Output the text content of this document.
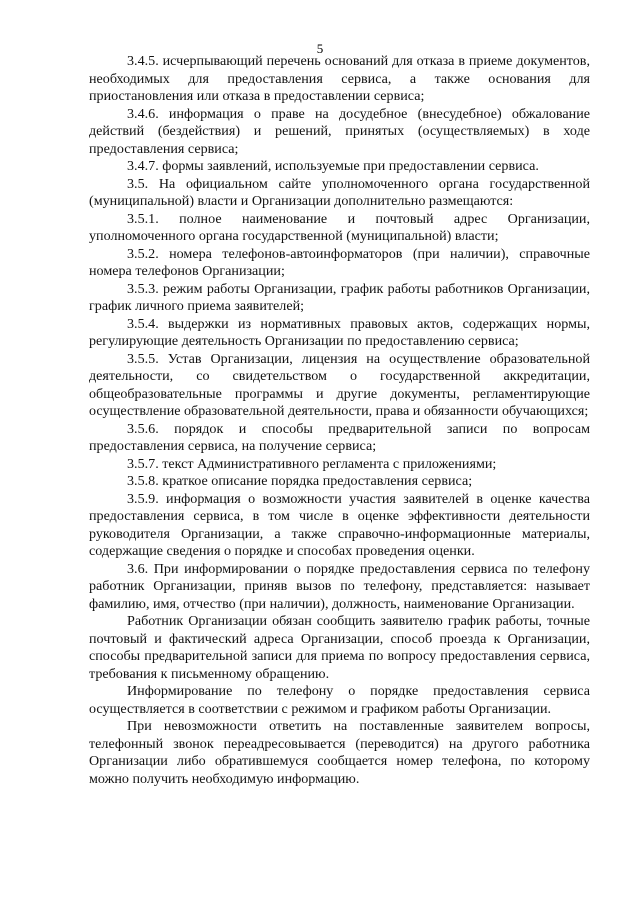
5

3.4.5. исчерпывающий перечень оснований для отказа в приеме документов, необходимых для предоставления сервиса, а также основания для приостановления или отказа в предоставлении сервиса;

3.4.6. информация о праве на досудебное (внесудебное) обжалование действий (бездействия) и решений, принятых (осуществляемых) в ходе предоставления сервиса;

3.4.7. формы заявлений, используемые при предоставлении сервиса.

3.5. На официальном сайте уполномоченного органа государственной (муниципальной) власти и Организации дополнительно размещаются:

3.5.1. полное наименование и почтовый адрес Организации, уполномоченного органа государственной (муниципальной) власти;

3.5.2. номера телефонов-автоинформаторов (при наличии), справочные номера телефонов Организации;

3.5.3. режим работы Организации, график работы работников Организации, график личного приема заявителей;

3.5.4. выдержки из нормативных правовых актов, содержащих нормы, регулирующие деятельность Организации по предоставлению сервиса;

3.5.5. Устав Организации, лицензия на осуществление образовательной деятельности, со свидетельством о государственной аккредитации, общеобразовательные программы и другие документы, регламентирующие осуществление образовательной деятельности, права и обязанности обучающихся;

3.5.6. порядок и способы предварительной записи по вопросам предоставления сервиса, на получение сервиса;

3.5.7. текст Административного регламента с приложениями;

3.5.8. краткое описание порядка предоставления сервиса;

3.5.9. информация о возможности участия заявителей в оценке качества предоставления сервиса, в том числе в оценке эффективности деятельности руководителя Организации, а также справочно-информационные материалы, содержащие сведения о порядке и способах проведения оценки.

3.6. При информировании о порядке предоставления сервиса по телефону работник Организации, приняв вызов по телефону, представляется: называет фамилию, имя, отчество (при наличии), должность, наименование Организации.

Работник Организации обязан сообщить заявителю график работы, точные почтовый и фактический адреса Организации, способ проезда к Организации, способы предварительной записи для приема по вопросу предоставления сервиса, требования к письменному обращению.

Информирование по телефону о порядке предоставления сервиса осуществляется в соответствии с режимом и графиком работы Организации.

При невозможности ответить на поставленные заявителем вопросы, телефонный звонок переадресовывается (переводится) на другого работника Организации либо обратившемуся сообщается номер телефона, по которому можно получить необходимую информацию.
